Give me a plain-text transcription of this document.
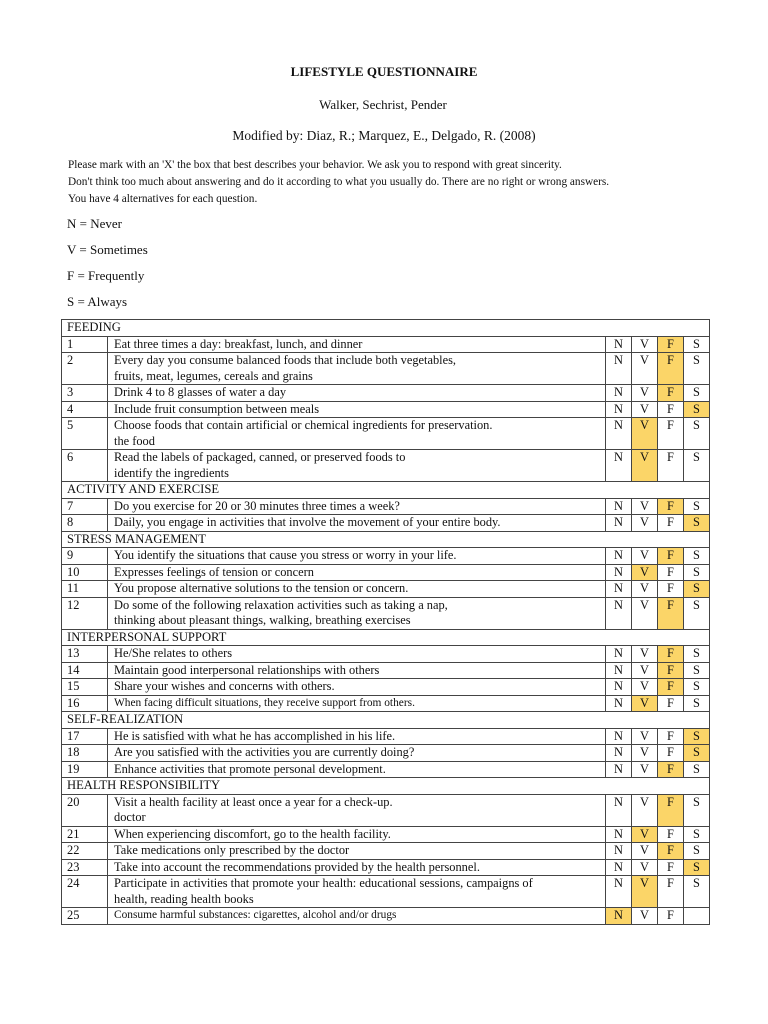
LIFESTYLE QUESTIONNAIRE
Walker, Sechrist, Pender
Modified by: Diaz, R.; Marquez, E., Delgado, R. (2008)
Please mark with an 'X' the box that best describes your behavior. We ask you to respond with great sincerity.
Don't think too much about answering and do it according to what you usually do. There are no right or wrong answers.
You have 4 alternatives for each question.
N = Never
V = Sometimes
F = Frequently
S = Always
FEEDING					
1	Eat three times a day: breakfast, lunch, and dinner	N	V	F	S
2	Every day you consume balanced foods that include both vegetables,
fruits, meat, legumes, cereals and grains	N	V	F	S
3	Drink 4 to 8 glasses of water a day	N	V	F	S
4	Include fruit consumption between meals	N	V	F	S
5	Choose foods that contain artificial or chemical ingredients for preservation.
the food	N	V	F	S
6	Read the labels of packaged, canned, or preserved foods to
identify the ingredients	N	V	F	S
ACTIVITY AND EXERCISE					
7	Do you exercise for 20 or 30 minutes three times a week?	N	V	F	S
8	Daily, you engage in activities that involve the movement of your entire body.	N	V	F	S
STRESS MANAGEMENT					
9	You identify the situations that cause you stress or worry in your life.	N	V	F	S
10	Expresses feelings of tension or concern	N	V	F	S
11	You propose alternative solutions to the tension or concern.	N	V	F	S
12	Do some of the following relaxation activities such as taking a nap,
thinking about pleasant things, walking, breathing exercises	N	V	F	S
INTERPERSONAL SUPPORT					
13	He/She relates to others	N	V	F	S
14	Maintain good interpersonal relationships with others	N	V	F	S
15	Share your wishes and concerns with others.	N	V	F	S
16	When facing difficult situations, they receive support from others.	N	V	F	S
SELF-REALIZATION					
17	He is satisfied with what he has accomplished in his life.	N	V	F	S
18	Are you satisfied with the activities you are currently doing?	N	V	F	S
19	Enhance activities that promote personal development.	N	V	F	S
HEALTH RESPONSIBILITY					
20	Visit a health facility at least once a year for a check-up.
doctor	N	V	F	S
21	When experiencing discomfort, go to the health facility.	N	V	F	S
22	Take medications only prescribed by the doctor	N	V	F	S
23	Take into account the recommendations provided by the health personnel.	N	V	F	S
24	Participate in activities that promote your health: educational sessions, campaigns of
health, reading health books	N	V	F	S
25	Consume harmful substances: cigarettes, alcohol and/or drugs	N	V	F	
